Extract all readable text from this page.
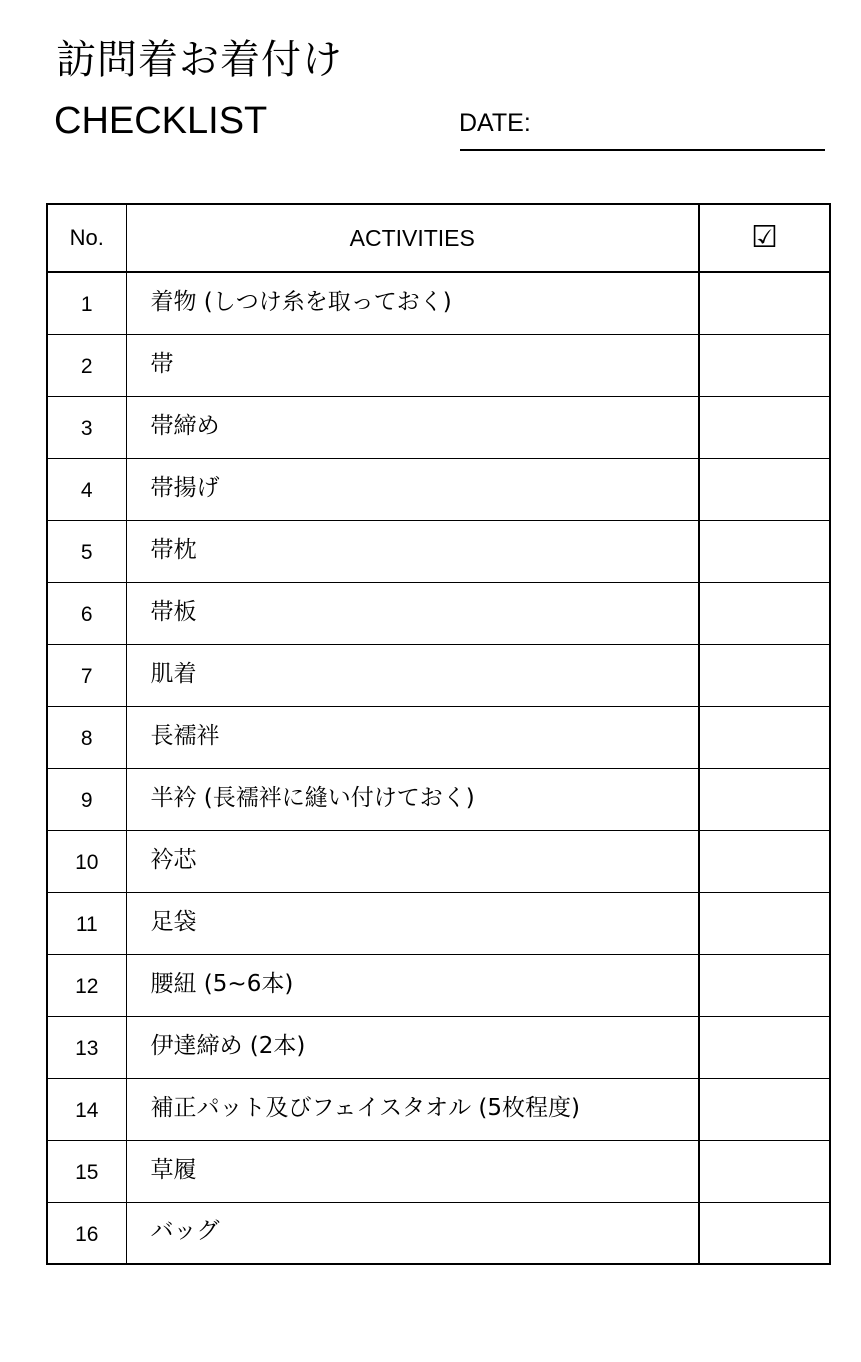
訪問着お着付け
CHECKLIST	DATE:
No.	ACTIVITIES	☑
1	着物 (しつけ糸を取っておく)	
2	帯	
3	帯締め	
4	帯揚げ	
5	帯枕	
6	帯板	
7	肌着	
8	長襦袢	
9	半衿 (長襦袢に縫い付けておく)	
10	衿芯	
11	足袋	
12	腰紐 (5~6本)	
13	伊達締め (2本)	
14	補正パット及びフェイスタオル (5枚程度)	
15	草履	
16	バッグ	
